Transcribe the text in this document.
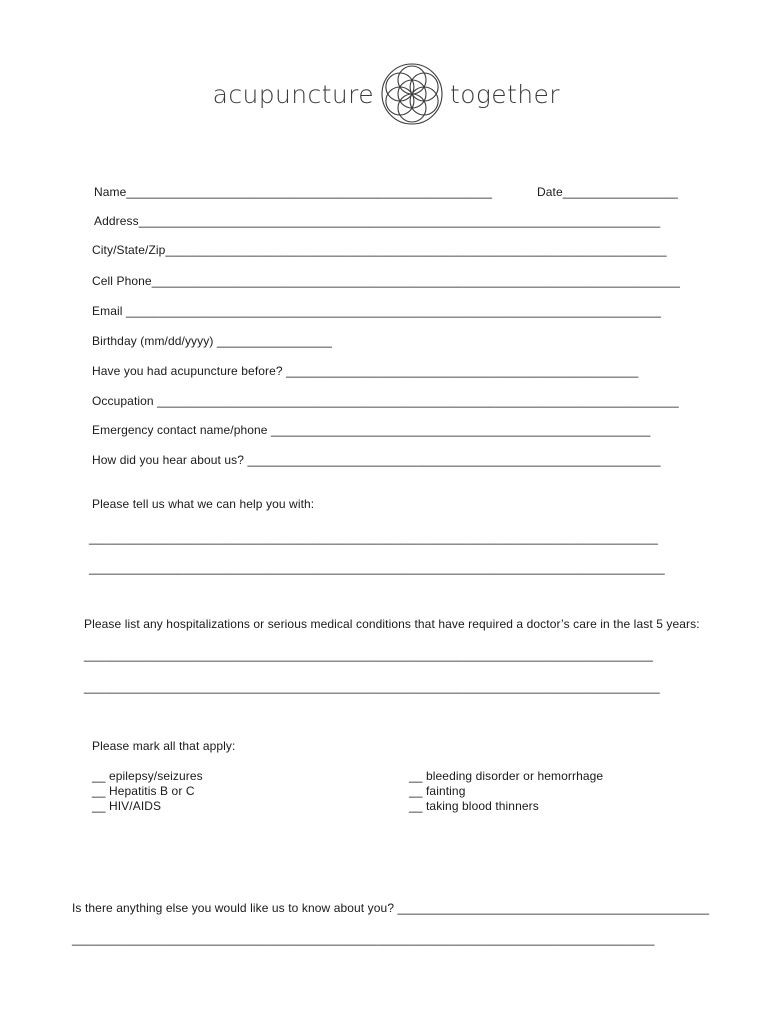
acupuncture	together
Name______________________________________________________	Date_________________
Address_____________________________________________________________________________
City/State/Zip__________________________________________________________________________
Cell Phone______________________________________________________________________________
Email _______________________________________________________________________________
Birthday (mm/dd/yyyy) _________________
Have you had acupuncture before? ____________________________________________________
Occupation _____________________________________________________________________________
Emergency contact name/phone ________________________________________________________
How did you hear about us? _____________________________________________________________
Please tell us what we can help you with:
____________________________________________________________________________________
_____________________________________________________________________________________
Please list any hospitalizations or serious medical conditions that have required a doctor’s care in the last 5 years:
____________________________________________________________________________________
_____________________________________________________________________________________
Please mark all that apply:
__ epilepsy/seizures
__ Hepatitis B or C
__ HIV/AIDS
__ bleeding disorder or hemorrhage
__ fainting
__ taking blood thinners
Is there anything else you would like us to know about you? ______________________________________________
______________________________________________________________________________________
